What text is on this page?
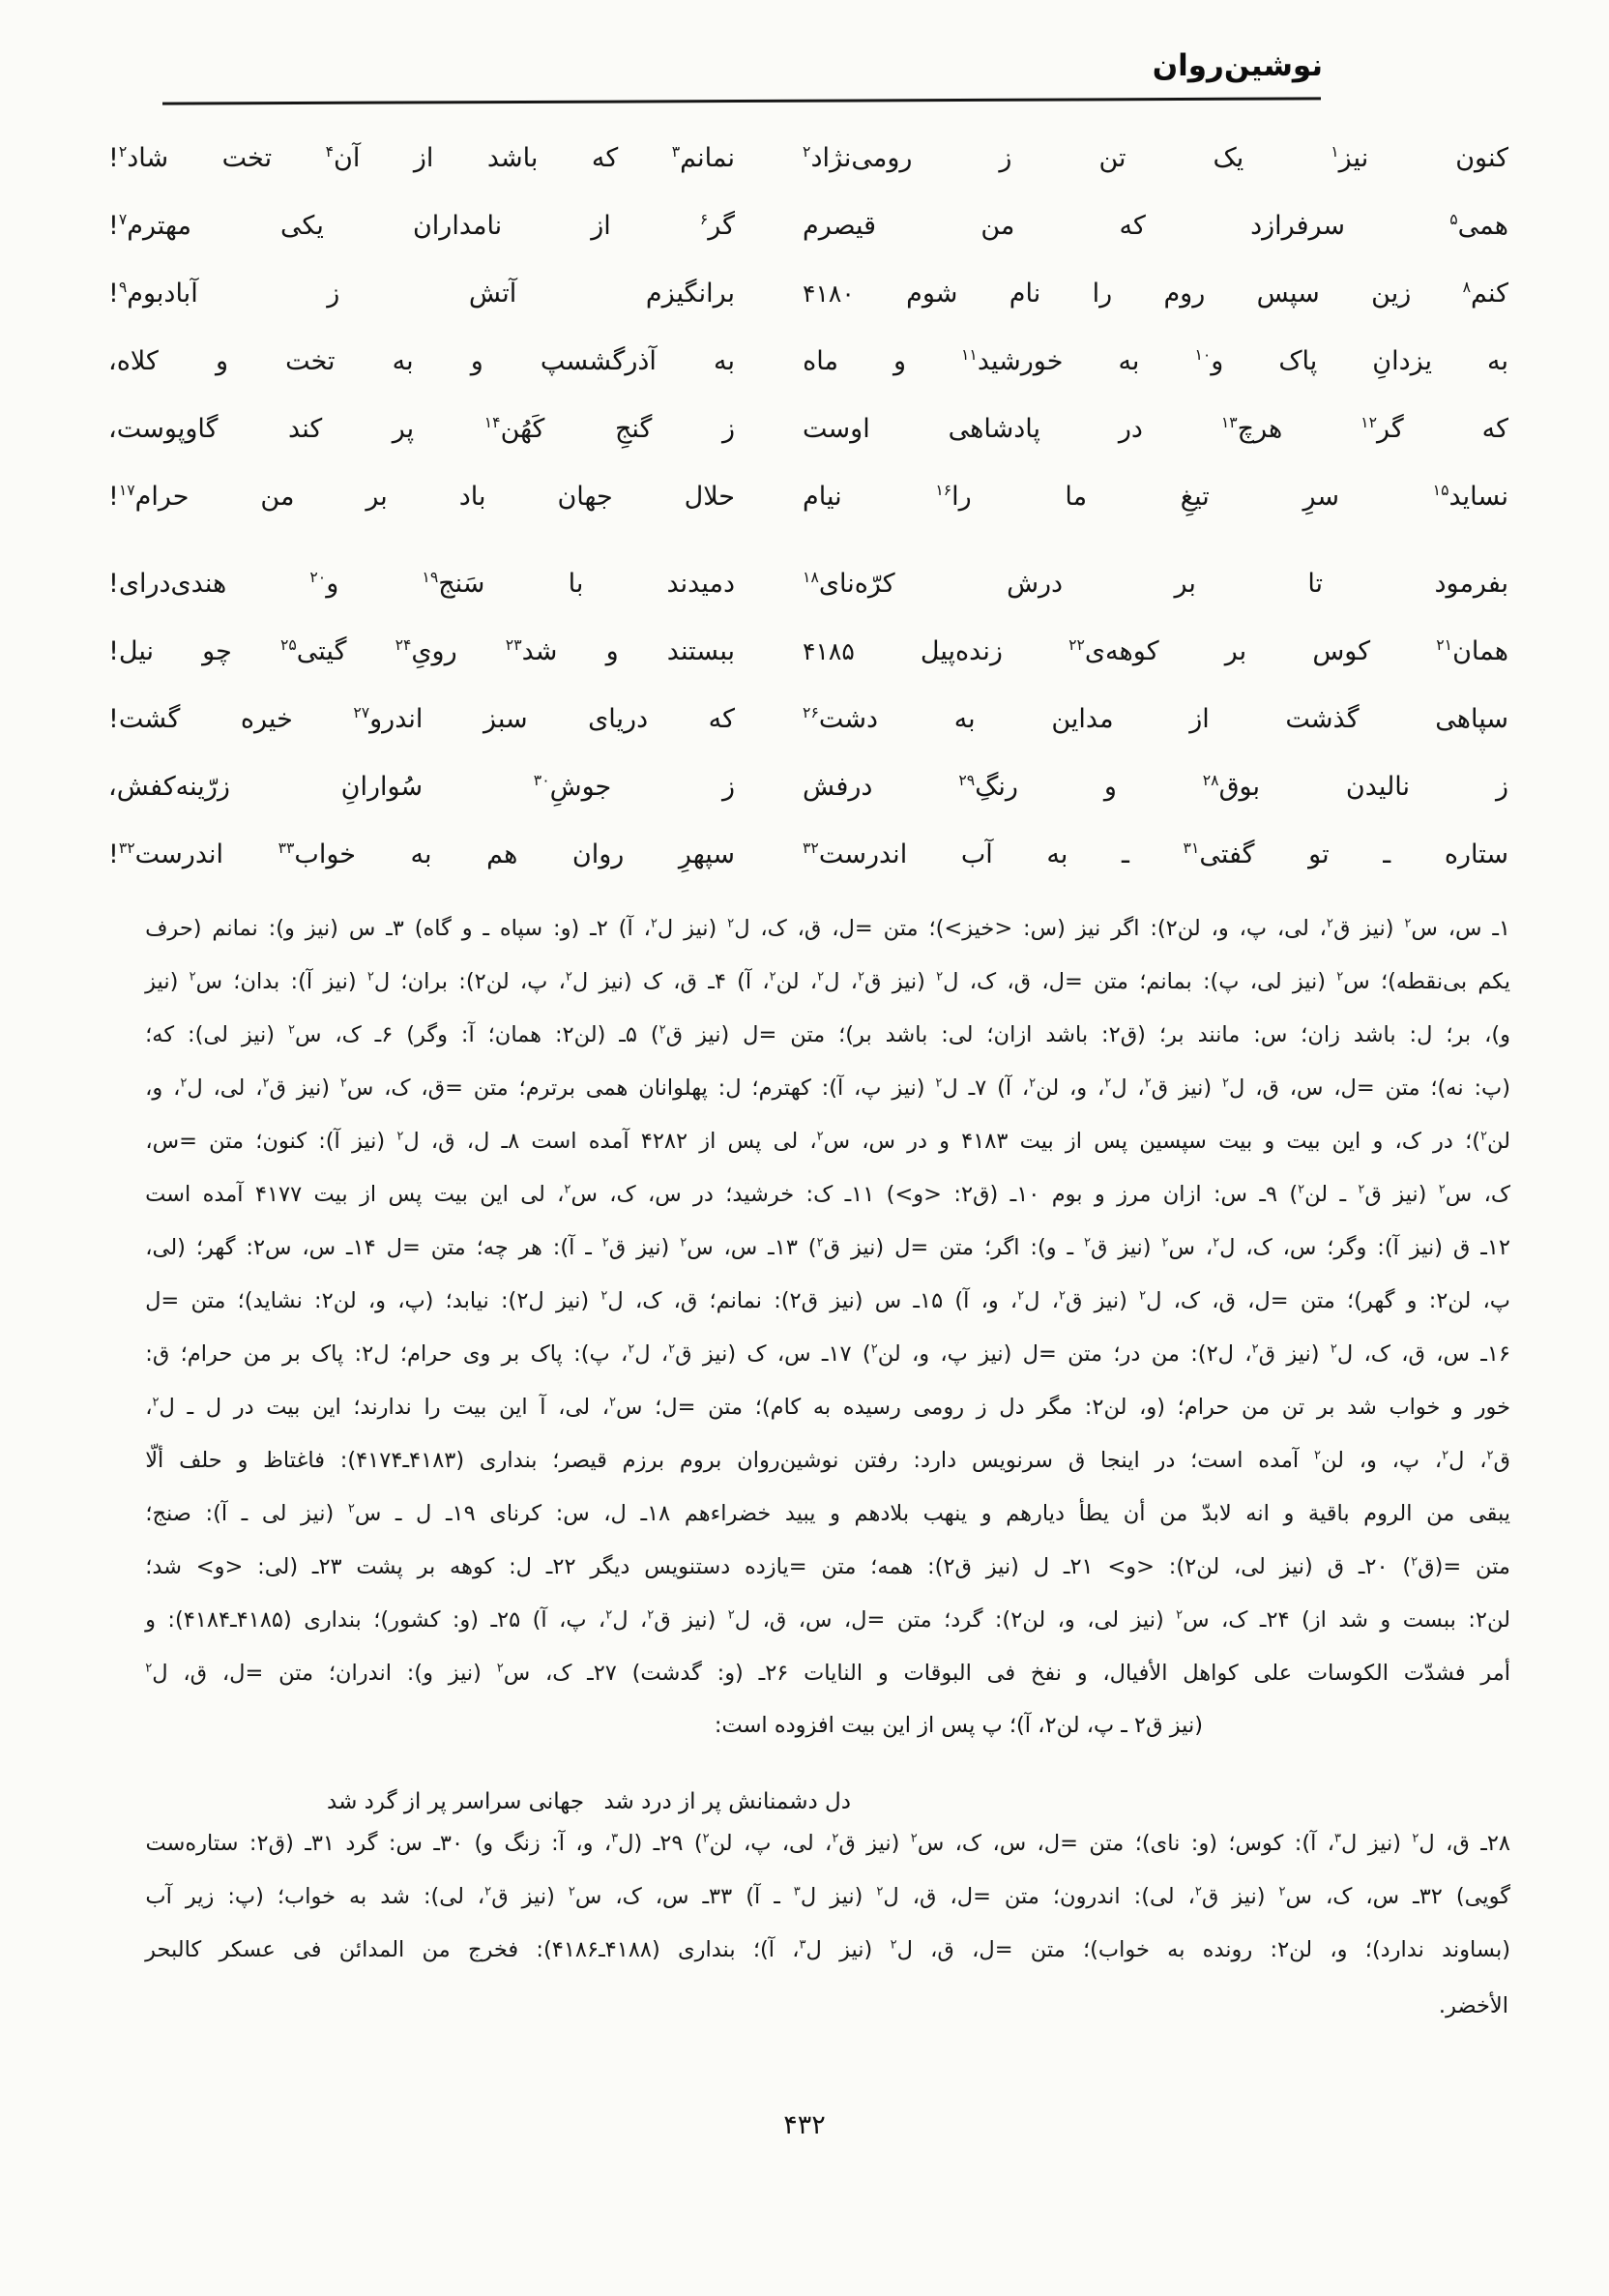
نوشین‌روان
کنون
نیز$^۱$
یک
تن
ز
رومی‌نژاد$^۲$
نمانم$^۳$
که
باشد
از
آن$^۴$
تخت
شاد$^۲$!
همی$^۵$
سرفرازد
که
من
قیصرم
گر$^۶$
از
نامداران
یکی
مهترم$^۷$!
کنم$^۸$
زین
سپس
روم
را
نام
شوم
۴۱۸۰
برانگیزم
آتش
ز
آبادبوم$^۹$!
به
یزدانِ
پاک
و$^{۱۰}$
به
خورشید$^{۱۱}$
و
ماه
به
آذرگشسپ
و
به
تخت
و
کلاه،
که
گر$^{۱۲}$
هرچ$^{۱۳}$
در
پادشاهی
اوست
ز
گنجِ
کَهُن$^{۱۴}$
پر
کند
گاوپوست،
نساید$^{۱۵}$
سرِ
تیغِ
ما
را$^{۱۶}$
نیام
حلال
جهان
باد
بر
من
حرام$^{۱۷}$!
بفرمود
تا
بر
درش
کرّه‌نای$^{۱۸}$
دمیدند
با
سَنج$^{۱۹}$
و$^{۲۰}$
هندی‌درای!
همان$^{۲۱}$
کوس
بر
کوهه‌ی$^{۲۲}$
زنده‌پیل
۴۱۸۵
ببستند
و
شد$^{۲۳}$
رویِ$^{۲۴}$
گیتی$^{۲۵}$
چو
نیل!
سپاهی
گذشت
از
مداین
به
دشت$^{۲۶}$
که
دریای
سبز
اندرو$^{۲۷}$
خیره
گشت!
ز
نالیدن
بوق$^{۲۸}$
و
رنگِ$^{۲۹}$
درفش
ز
جوشِ$^{۳۰}$
سُوارانِ
زرّینه‌کفش،
ستاره
ـ
تو
گفتی$^{۳۱}$
ـ
به
آب
اندرست$^{۳۲}$
سپهرِ
روان
هم
به
خواب$^{۳۳}$
اندرست$^{۳۲}$!
۱ـ
س،
س$^۲$
(نیز
ق$^۲$،
لی،
پ،
و،
لن۲):
اگر
نیز
(س:
<خیز>)؛
متن
=ل،
ق،
ک،
ل$^۲$
(نیز
ل$^۲$،
آ)
۲ـ
(و:
سپاه
ـ
و
گاه)
۳ـ
س
(نیز
و):
نمانم
(حرف
یکم
بی‌نقطه)؛
س$^۲$
(نیز
لی،
پ):
بمانم؛
متن
=ل،
ق،
ک،
ل$^۲$
(نیز
ق$^۲$،
ل$^۲$،
لن$^۲$،
آ)
۴ـ
ق،
ک
(نیز
ل$^۲$،
پ،
لن۲):
بران؛
ل$^۲$
(نیز
آ):
بدان؛
س$^۲$
(نیز
و)،
بر؛
ل:
باشد
زان؛
س:
مانند
بر؛
(ق۲:
باشد
ازان؛
لی:
باشد
بر)؛
متن
=ل
(نیز
ق$^۲$)
۵ـ
(لن۲:
همان؛
آ:
وگر)
۶ـ
ک،
س$^۲$
(نیز
لی):
که؛
(پ:
نه)؛
متن
=ل،
س،
ق،
ل$^۲$
(نیز
ق$^۲$،
ل$^۲$،
و،
لن$^۲$،
آ)
۷ـ
ل$^۲$
(نیز
پ،
آ):
کهترم؛
ل:
پهلوانان
همی
برترم؛
متن
=ق،
ک،
س$^۲$
(نیز
ق$^۲$،
لی،
ل$^۲$،
و،
لن$^۲$)؛
در
ک،
و
این
بیت
و
بیت
سپسین
پس
از
بیت
۴۱۸۳
و
در
س،
س$^۲$،
لی
پس
از
۴۲۸۲
آمده
است
۸ـ
ل،
ق،
ل$^۲$
(نیز
آ):
کنون؛
متن
=س،
ک،
س$^۲$
(نیز
ق$^۲$
ـ
لن$^۲$)
۹ـ
س:
ازان
مرز
و
بوم
۱۰ـ
(ق۲:
<و>)
۱۱ـ
ک:
خرشید؛
در
س،
ک،
س$^۲$،
لی
این
بیت
پس
از
بیت
۴۱۷۷
آمده
است
۱۲ـ
ق
(نیز
آ):
وگر؛
س،
ک،
ل$^۲$،
س$^۲$
(نیز
ق$^۲$
ـ
و):
اگر؛
متن
=ل
(نیز
ق$^۲$)
۱۳ـ
س،
س$^۲$
(نیز
ق$^۲$
ـ
آ):
هر
چه؛
متن
=ل
۱۴ـ
س،
س۲:
گهر؛
(لی،
پ،
لن۲:
و
گهر)؛
متن
=ل،
ق،
ک،
ل$^۲$
(نیز
ق$^۲$،
ل$^۲$،
و،
آ)
۱۵ـ
س
(نیز
ق۲):
نمانم؛
ق،
ک،
ل$^۲$
(نیز
ل۲):
نیابد؛
(پ،
و،
لن۲:
نشاید)؛
متن
=ل
۱۶ـ
س،
ق،
ک،
ل$^۲$
(نیز
ق$^۲$،
ل۲):
من
در؛
متن
=ل
(نیز
پ،
و،
لن$^۲$)
۱۷ـ
س،
ک
(نیز
ق$^۲$،
ل$^۲$،
پ):
پاک
بر
وی
حرام؛
ل۲:
پاک
بر
من
حرام؛
ق:
خور
و
خواب
شد
بر
تن
من
حرام؛
(و،
لن۲:
مگر
دل
ز
رومی
رسیده
به
کام)؛
متن
=ل؛
س$^۲$،
لی،
آ
این
بیت
را
ندارند؛
این
بیت
در
ل
ـ
ل$^۲$،
ق$^۲$،
ل$^۲$،
پ،
و،
لن$^۲$
آمده
است؛
در
اینجا
ق
سرنویس
دارد:
رفتن
نوشین‌روان
بروم
برزم
قیصر؛
بنداری
(۴۱۸۳ـ۴۱۷۴):
فاغتاظ
و
حلف
ألّا
یبقی
من
الروم
باقیة
و
انه
لابدّ
من
أن
یطأ
دیارهم
و
ینهب
بلادهم
و
یبید
خضراءهم
۱۸ـ
ل،
س:
کرنای
۱۹ـ
ل
ـ
س$^۲$
(نیز
لی
ـ
آ):
صنج؛
متن
=(ق$^۲$)
۲۰ـ
ق
(نیز
لی،
لن۲):
<و>
۲۱ـ
ل
(نیز
ق۲):
همه؛
متن
=یازده
دستنویس
دیگر
۲۲ـ
ل:
کوهه
بر
پشت
۲۳ـ
(لی:
<و>
شد؛
لن۲:
ببست
و
شد
از)
۲۴ـ
ک،
س$^۲$
(نیز
لی،
و،
لن۲):
گرد؛
متن
=ل،
س،
ق،
ل$^۲$
(نیز
ق$^۲$،
ل$^۲$،
پ،
آ)
۲۵ـ
(و:
کشور)؛
بنداری
(۴۱۸۵ـ۴۱۸۴):
و
أمر
فشدّت
الکوسات
علی
کواهل
الأفیال،
و
نفخ
فی
البوقات
و
النایات
۲۶ـ
(و:
گدشت)
۲۷ـ
ک،
س$^۲$
(نیز
و):
اندران؛
متن
=ل،
ق،
ل$^۲$
(نیز ق۲ ـ پ، لن۲، آ)؛ پ پس از این بیت افزوده است:
دل دشمنانش پر از درد شد
جهانی سراسر پر از گرد شد
۲۸ـ
ق،
ل$^۲$
(نیز
ل$^۳$،
آ):
کوس؛
(و:
نای)؛
متن
=ل،
س،
ک،
س$^۲$
(نیز
ق$^۲$،
لی،
پ،
لن$^۲$)
۲۹ـ
(ل$^۳$،
و،
آ:
زنگ
و)
۳۰ـ
س:
گرد
۳۱ـ
(ق۲:
ستاره‌ست
گویی)
۳۲ـ
س،
ک،
س$^۲$
(نیز
ق$^۲$،
لی):
اندرون؛
متن
=ل،
ق،
ل$^۲$
(نیز
ل$^۳$
ـ
آ)
۳۳ـ
س،
ک،
س$^۲$
(نیز
ق$^۲$،
لی):
شد
به
خواب؛
(پ:
زیر
آب
(بساوند
ندارد)؛
و،
لن۲:
رونده
به
خواب)؛
متن
=ل،
ق،
ل$^۲$
(نیز
ل$^۳$،
آ)؛
بنداری
(۴۱۸۸ـ۴۱۸۶):
فخرج
من
المدائن
فی
عسکر
کالبحر
الأخضر.
۴۳۲
